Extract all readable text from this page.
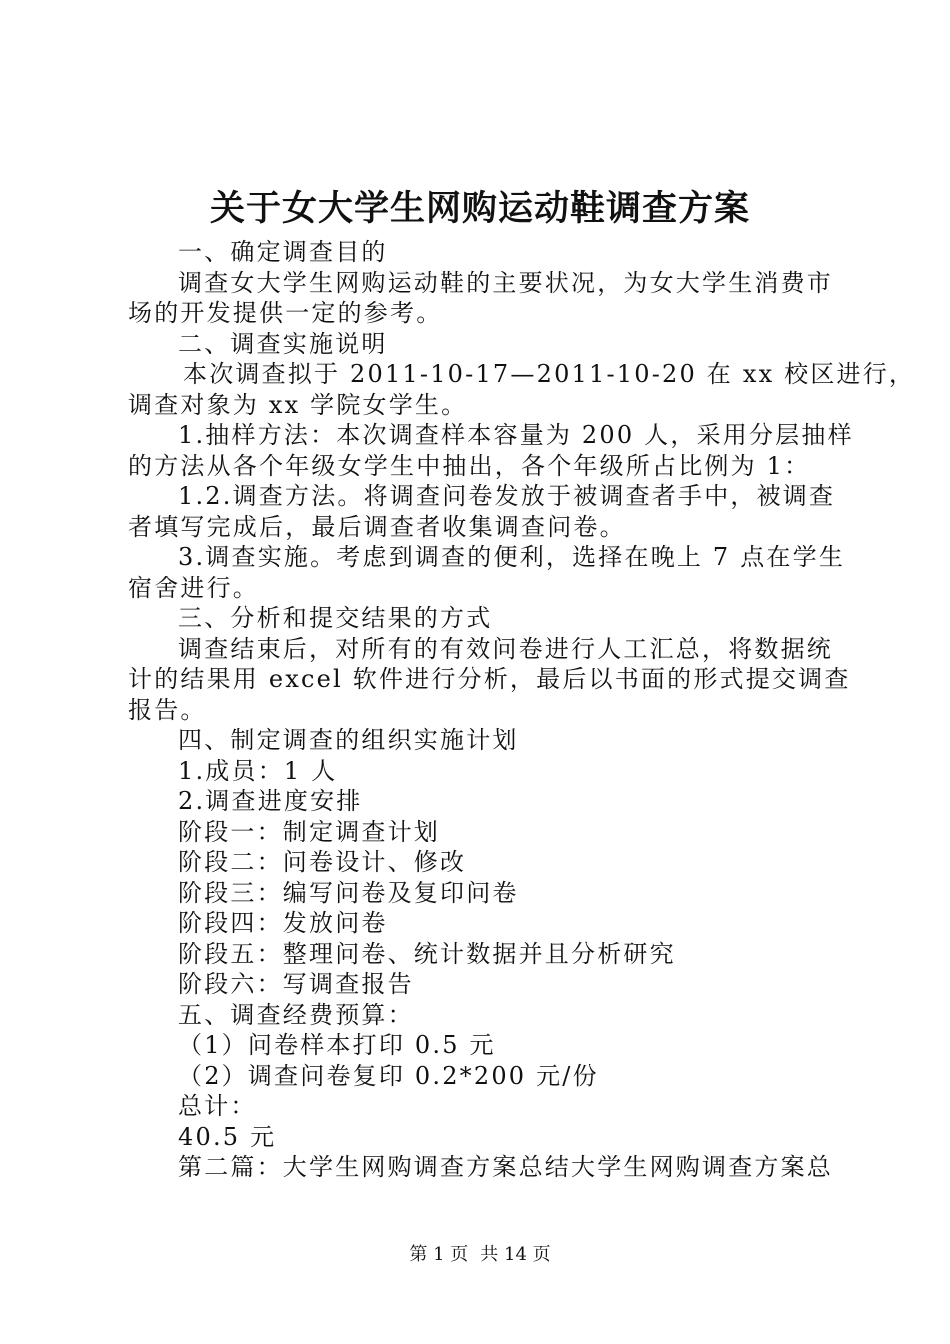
关于女大学生网购运动鞋调查方案

一、确定调查目的

调查女大学生网购运动鞋的主要状况，为女大学生消费市

场的开发提供一定的参考。

二、调查实施说明

本次调查拟于 2011-10-17—2011-10-20 在 xx 校区进行，

调查对象为 xx 学院女学生。

1.抽样方法：本次调查样本容量为 200 人，采用分层抽样

的方法从各个年级女学生中抽出，各个年级所占比例为 1：

1.2.调查方法。将调查问卷发放于被调查者手中，被调查

者填写完成后，最后调查者收集调查问卷。

3.调查实施。考虑到调查的便利，选择在晚上 7 点在学生

宿舍进行。

三、分析和提交结果的方式

调查结束后，对所有的有效问卷进行人工汇总，将数据统

计的结果用 excel 软件进行分析，最后以书面的形式提交调查

报告。

四、制定调查的组织实施计划

1.成员：1 人

2.调查进度安排

阶段一：制定调查计划

阶段二：问卷设计、修改

阶段三：编写问卷及复印问卷

阶段四：发放问卷

阶段五：整理问卷、统计数据并且分析研究

阶段六：写调查报告

五、调查经费预算：

（1）问卷样本打印 0.5 元

（2）调查问卷复印 0.2*200 元/份

总计：

40.5 元

第二篇：大学生网购调查方案总结大学生网购调查方案总

第 1 页 共 14 页
